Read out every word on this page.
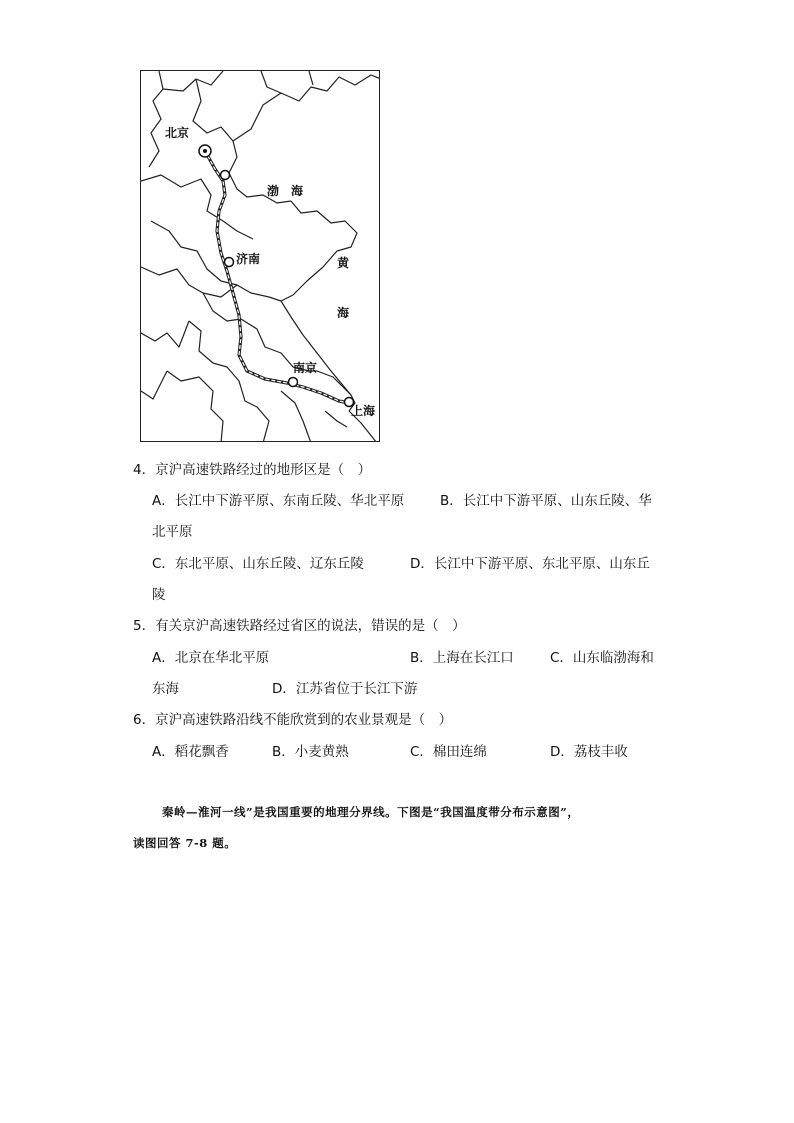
北京
渤 海
济南	黄
海
南京
上海
4．京沪高速铁路经过的地形区是（　）
A．长江中下游平原、东南丘陵、华北平原	B．长江中下游平原、山东丘陵、华
北平原
C．东北平原、山东丘陵、辽东丘陵	D．长江中下游平原、东北平原、山东丘
陵
5．有关京沪高速铁路经过省区的说法，错误的是（　）
A．北京在华北平原	B．上海在长江口	C．山东临渤海和
东海	D．江苏省位于长江下游
6．京沪高速铁路沿线不能欣赏到的农业景观是（　）
A．稻花飘香	B．小麦黄熟	C．棉田连绵	D．荔枝丰收
秦岭—淮河一线”是我国重要的地理分界线。下图是“我国温度带分布示意图”，
读图回答 7-8 题。
